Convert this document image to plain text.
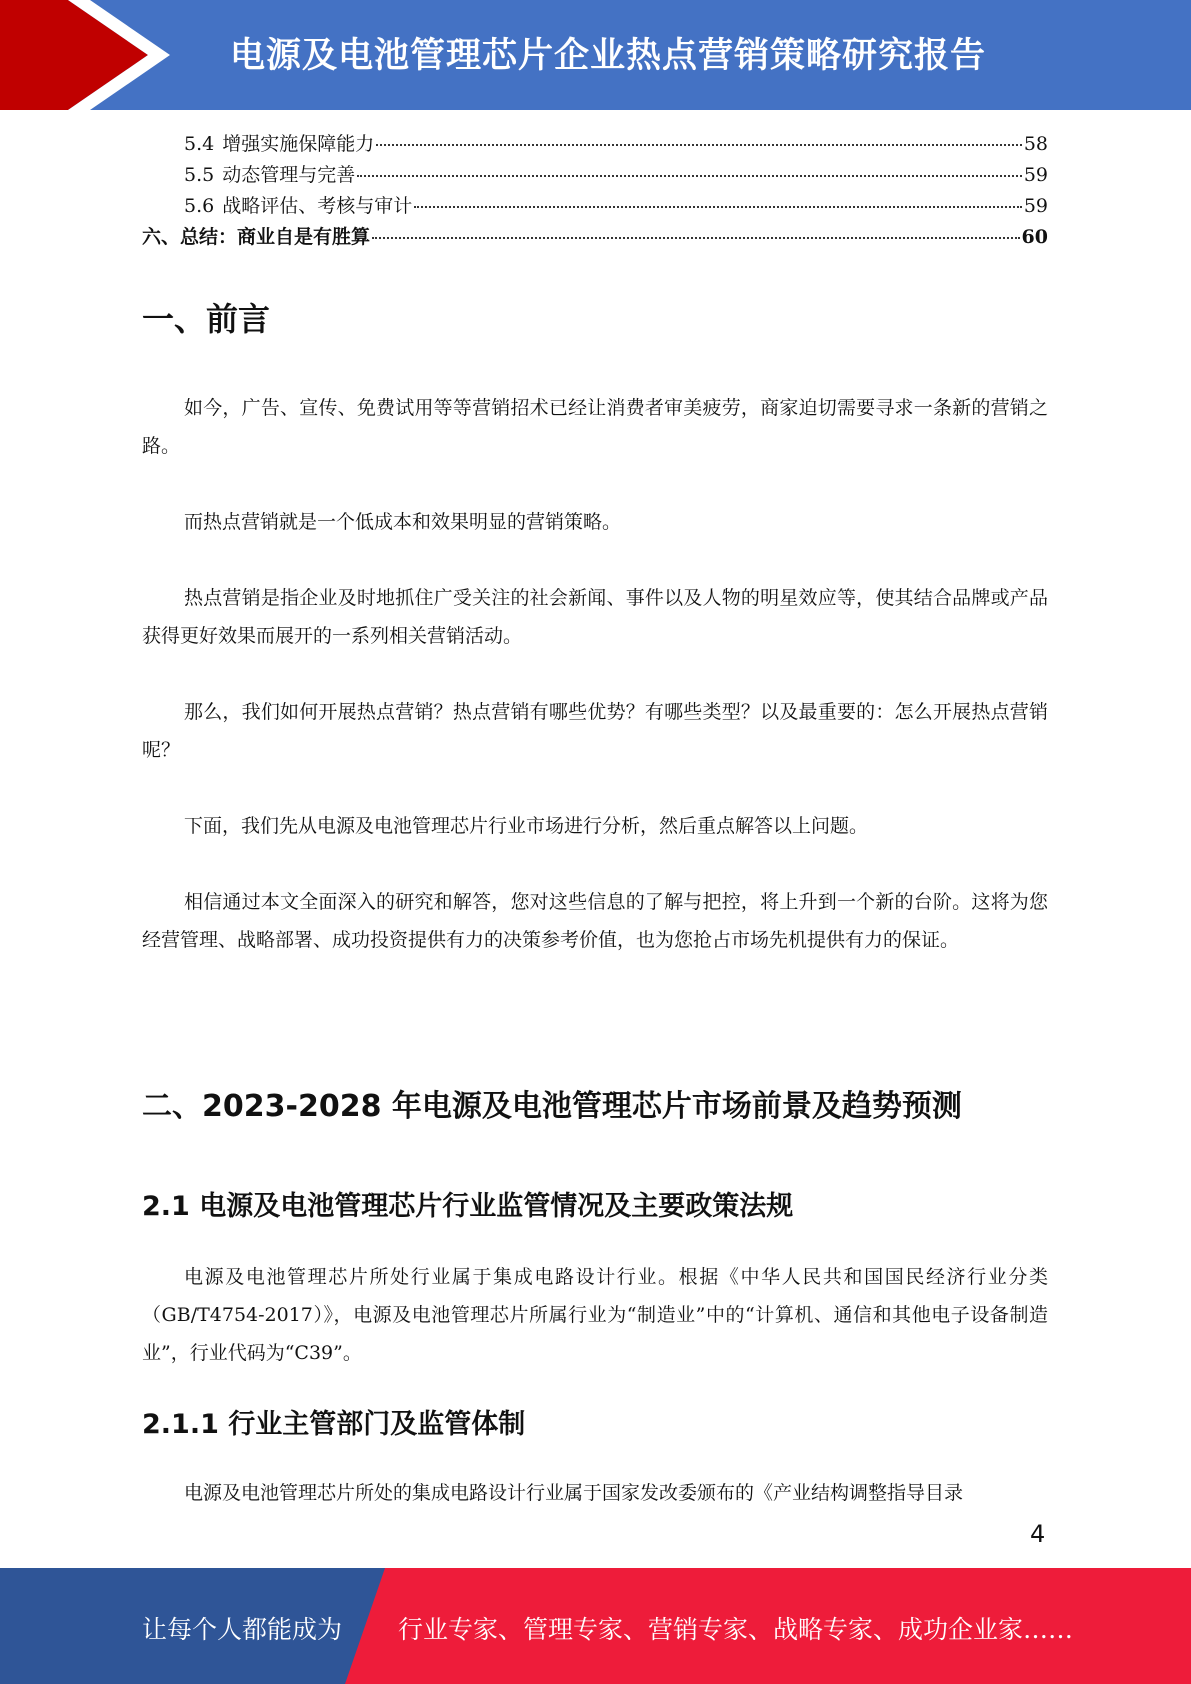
电源及电池管理芯片企业热点营销策略研究报告
5.4 增强实施保障能力	58
5.5 动态管理与完善	59
5.6 战略评估、考核与审计	59
六、总结：商业自是有胜算	60
一、前言
如今，广告、宣传、免费试用等等营销招术已经让消费者审美疲劳，商家迫切需要寻求一条新的营销之路。
而热点营销就是一个低成本和效果明显的营销策略。
热点营销是指企业及时地抓住广受关注的社会新闻、事件以及人物的明星效应等，使其结合品牌或产品获得更好效果而展开的一系列相关营销活动。
那么，我们如何开展热点营销？热点营销有哪些优势？有哪些类型？以及最重要的：怎么开展热点营销呢？
下面，我们先从电源及电池管理芯片行业市场进行分析，然后重点解答以上问题。
相信通过本文全面深入的研究和解答，您对这些信息的了解与把控，将上升到一个新的台阶。这将为您经营管理、战略部署、成功投资提供有力的决策参考价值，也为您抢占市场先机提供有力的保证。
二、2023-2028 年电源及电池管理芯片市场前景及趋势预测
2.1 电源及电池管理芯片行业监管情况及主要政策法规
电源及电池管理芯片所处行业属于集成电路设计行业。根据《中华人民共和国国民经济行业分类（GB/T4754-2017）》，电源及电池管理芯片所属行业为“制造业”中的“计算机、通信和其他电子设备制造业”，行业代码为“C39”。
2.1.1 行业主管部门及监管体制
电源及电池管理芯片所处的集成电路设计行业属于国家发改委颁布的《产业结构调整指导目录
4
让每个人都能成为 行业专家、管理专家、营销专家、战略专家、成功企业家……
